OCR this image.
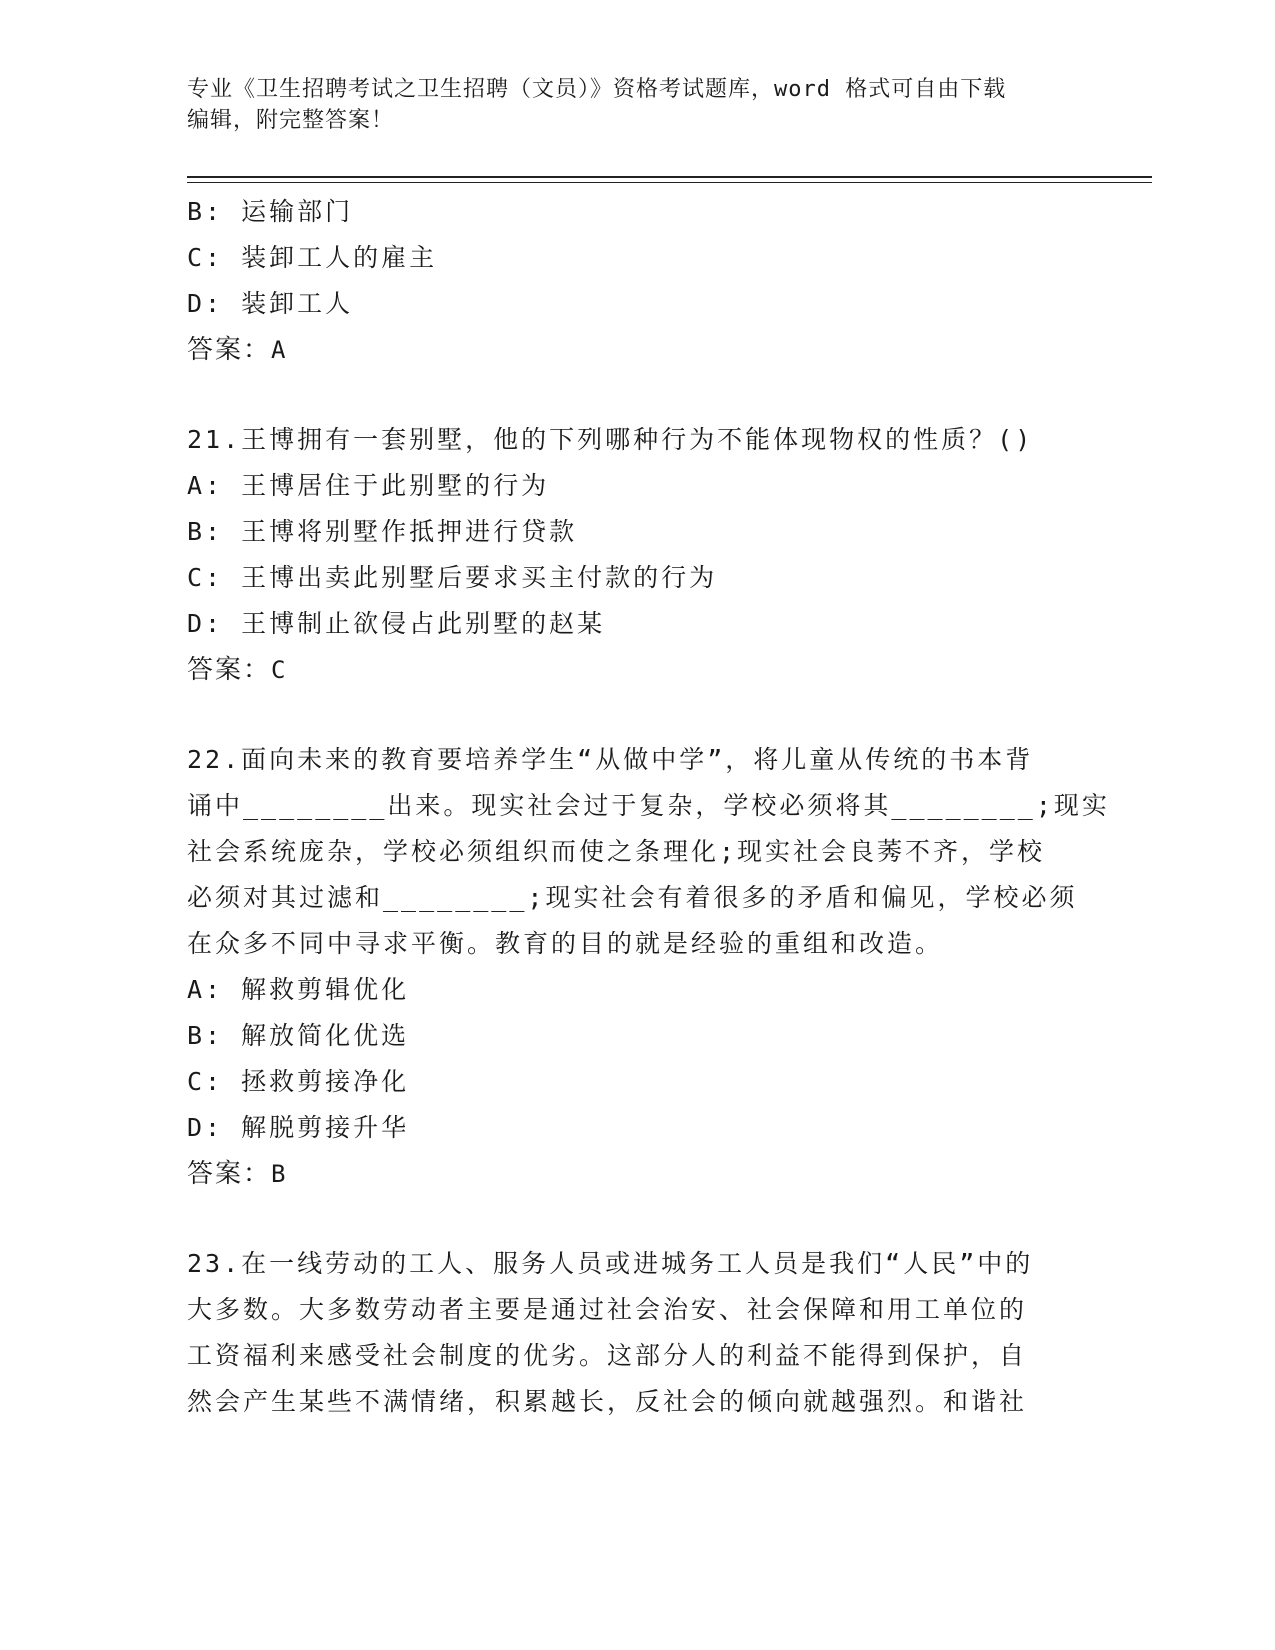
专业《卫生招聘考试之卫生招聘（文员）》资格考试题库，word 格式可自由下载
编辑，附完整答案！
B: 运输部门
C: 装卸工人的雇主
D: 装卸工人
答案：A
21.王博拥有一套别墅，他的下列哪种行为不能体现物权的性质？()
A: 王博居住于此别墅的行为
B: 王博将别墅作抵押进行贷款
C: 王博出卖此别墅后要求买主付款的行为
D: 王博制止欲侵占此别墅的赵某
答案：C
22.面向未来的教育要培养学生“从做中学”，将儿童从传统的书本背
诵中________出来。现实社会过于复杂，学校必须将其________;现实
社会系统庞杂，学校必须组织而使之条理化;现实社会良莠不齐，学校
必须对其过滤和________;现实社会有着很多的矛盾和偏见，学校必须
在众多不同中寻求平衡。教育的目的就是经验的重组和改造。
A: 解救剪辑优化
B: 解放简化优选
C: 拯救剪接净化
D: 解脱剪接升华
答案：B
23.在一线劳动的工人、服务人员或进城务工人员是我们“人民”中的
大多数。大多数劳动者主要是通过社会治安、社会保障和用工单位的
工资福利来感受社会制度的优劣。这部分人的利益不能得到保护，自
然会产生某些不满情绪，积累越长，反社会的倾向就越强烈。和谐社
